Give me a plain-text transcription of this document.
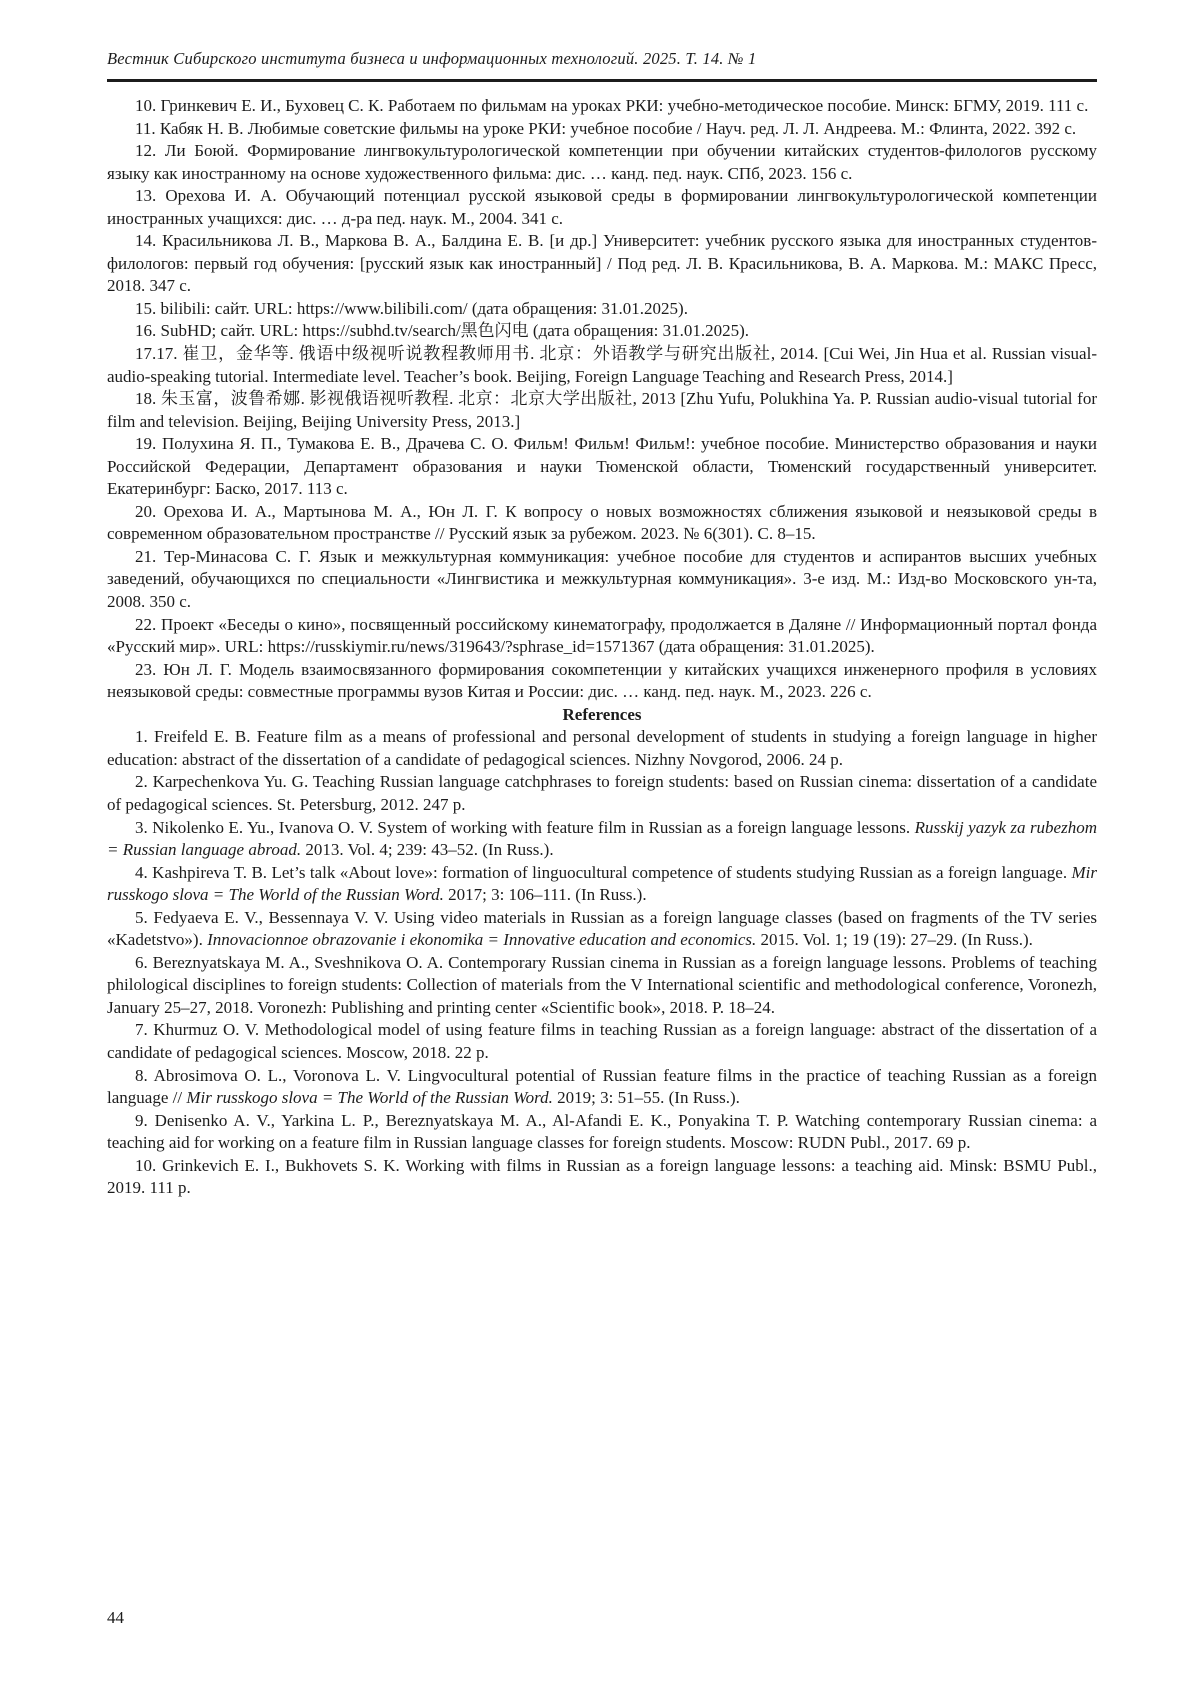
Вестник Сибирского института бизнеса и информационных технологий. 2025. Т. 14. № 1

10. Гринкевич Е. И., Буховец С. К. Работаем по фильмам на уроках РКИ: учебно-методическое пособие. Минск: БГМУ, 2019. 111 с.

11. Кабяк Н. В. Любимые советские фильмы на уроке РКИ: учебное пособие / Науч. ред. Л. Л. Андреева. М.: Флинта, 2022. 392 с.

12. Ли Боюй. Формирование лингвокультурологической компетенции при обучении китайских студентов-филологов русскому языку как иностранному на основе художественного фильма: дис. … канд. пед. наук. СПб, 2023. 156 с.

13. Орехова И. А. Обучающий потенциал русской языковой среды в формировании лингвокультурологической компетенции иностранных учащихся: дис. … д-ра пед. наук. М., 2004. 341 с.

14. Красильникова Л. В., Маркова В. А., Балдина Е. В. [и др.] Университет: учебник русского языка для иностранных студентов-филологов: первый год обучения: [русский язык как иностранный] / Под ред. Л. В. Красильникова, В. А. Маркова. М.: МАКС Пресс, 2018. 347 с.

15. bilibili: сайт. URL: https://www.bilibili.com/ (дата обращения: 31.01.2025).

16. SubHD; сайт. URL: https://subhd.tv/search/黑色闪电 (дата обращения: 31.01.2025).

17.17. 崔卫，金华等. 俄语中级视听说教程教师用书. 北京：外语教学与研究出版社, 2014. [Cui Wei, Jin Hua et al. Russian visual-audio-speaking tutorial. Intermediate level. Teacher’s book. Beijing, Foreign Language Teaching and Research Press, 2014.]

18. 朱玉富，波鲁希娜. 影视俄语视听教程. 北京：北京大学出版社, 2013 [Zhu Yufu, Polukhina Ya. P. Russian audio-visual tutorial for film and television. Beijing, Beijing University Press, 2013.]

19. Полухина Я. П., Тумакова Е. В., Драчева С. О. Фильм! Фильм! Фильм!: учебное пособие. Министерство образования и науки Российской Федерации, Департамент образования и науки Тюменской области, Тюменский государственный университет. Екатеринбург: Баско, 2017. 113 с.

20. Орехова И. А., Мартынова М. А., Юн Л. Г. К вопросу о новых возможностях сближения языковой и неязыковой среды в современном образовательном пространстве // Русский язык за рубежом. 2023. № 6(301). С. 8–15.

21. Тер-Минасова С. Г. Язык и межкультурная коммуникация: учебное пособие для студентов и аспирантов высших учебных заведений, обучающихся по специальности «Лингвистика и межкультурная коммуникация». 3-е изд. М.: Изд-во Московского ун-та, 2008. 350 с.

22. Проект «Беседы о кино», посвященный российскому кинематографу, продолжается в Даляне // Информационный портал фонда «Русский мир». URL: https://russkiymir.ru/news/319643/?sphrase_id=1571367 (дата обращения: 31.01.2025).

23. Юн Л. Г. Модель взаимосвязанного формирования сокомпетенции у китайских учащихся инженерного профиля в условиях неязыковой среды: совместные программы вузов Китая и России: дис. … канд. пед. наук. М., 2023. 226 с.

References

1. Freifeld E. B. Feature film as a means of professional and personal development of students in studying a foreign language in higher education: abstract of the dissertation of a candidate of pedagogical sciences. Nizhny Novgorod, 2006. 24 p.

2. Karpechenkova Yu. G. Teaching Russian language catchphrases to foreign students: based on Russian cinema: dissertation of a candidate of pedagogical sciences. St. Petersburg, 2012. 247 p.

3. Nikolenko E. Yu., Ivanova O. V. System of working with feature film in Russian as a foreign language lessons. Russkij yazyk za rubezhom = Russian language abroad. 2013. Vol. 4; 239: 43–52. (In Russ.).

4. Kashpireva T. B. Let’s talk «About love»: formation of linguocultural competence of students studying Russian as a foreign language. Mir russkogo slova = The World of the Russian Word. 2017; 3: 106–111. (In Russ.).

5. Fedyaeva E. V., Bessennaya V. V. Using video materials in Russian as a foreign language classes (based on fragments of the TV series «Kadetstvo»). Innovacionnoe obrazovanie i ekonomika = Innovative education and economics. 2015. Vol. 1; 19 (19): 27–29. (In Russ.).

6. Bereznyatskaya M. A., Sveshnikova O. A. Contemporary Russian cinema in Russian as a foreign language lessons. Problems of teaching philological disciplines to foreign students: Collection of materials from the V International scientific and methodological conference, Voronezh, January 25–27, 2018. Voronezh: Publishing and printing center «Scientific book», 2018. P. 18–24.

7. Khurmuz O. V. Methodological model of using feature films in teaching Russian as a foreign language: abstract of the dissertation of a candidate of pedagogical sciences. Moscow, 2018. 22 p.

8. Abrosimova O. L., Voronova L. V. Lingvocultural potential of Russian feature films in the practice of teaching Russian as a foreign language // Mir russkogo slova = The World of the Russian Word. 2019; 3: 51–55. (In Russ.).

9. Denisenko A. V., Yarkina L. P., Bereznyatskaya M. A., Al-Afandi E. K., Ponyakina T. P. Watching contemporary Russian cinema: a teaching aid for working on a feature film in Russian language classes for foreign students. Moscow: RUDN Publ., 2017. 69 p.

10. Grinkevich E. I., Bukhovets S. K. Working with films in Russian as a foreign language lessons: a teaching aid. Minsk: BSMU Publ., 2019. 111 p.

44
